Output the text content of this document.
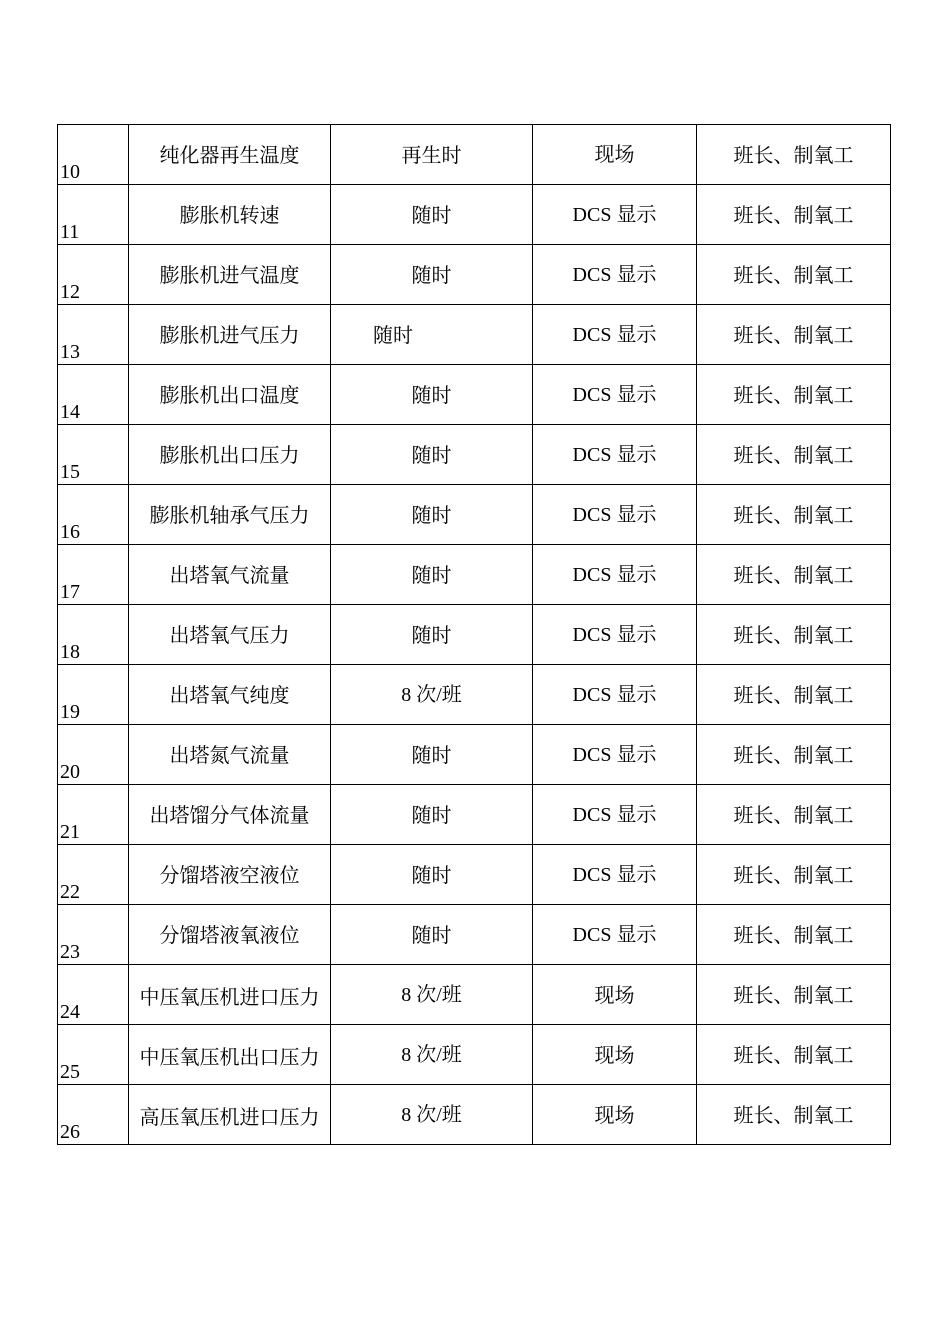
10	纯化器再生温度	再生时	现场	班长、制氧工
11	膨胀机转速	随时	DCS 显示	班长、制氧工
12	膨胀机进气温度	随时	DCS 显示	班长、制氧工
13	膨胀机进气压力	随时	DCS 显示	班长、制氧工
14	膨胀机出口温度	随时	DCS 显示	班长、制氧工
15	膨胀机出口压力	随时	DCS 显示	班长、制氧工
16	膨胀机轴承气压力	随时	DCS 显示	班长、制氧工
17	出塔氧气流量	随时	DCS 显示	班长、制氧工
18	出塔氧气压力	随时	DCS 显示	班长、制氧工
19	出塔氧气纯度	8 次/班	DCS 显示	班长、制氧工
20	出塔氮气流量	随时	DCS 显示	班长、制氧工
21	出塔馏分气体流量	随时	DCS 显示	班长、制氧工
22	分馏塔液空液位	随时	DCS 显示	班长、制氧工
23	分馏塔液氧液位	随时	DCS 显示	班长、制氧工
24	中压氧压机进口压力	8 次/班	现场	班长、制氧工
25	中压氧压机出口压力	8 次/班	现场	班长、制氧工
26	高压氧压机进口压力	8 次/班	现场	班长、制氧工
